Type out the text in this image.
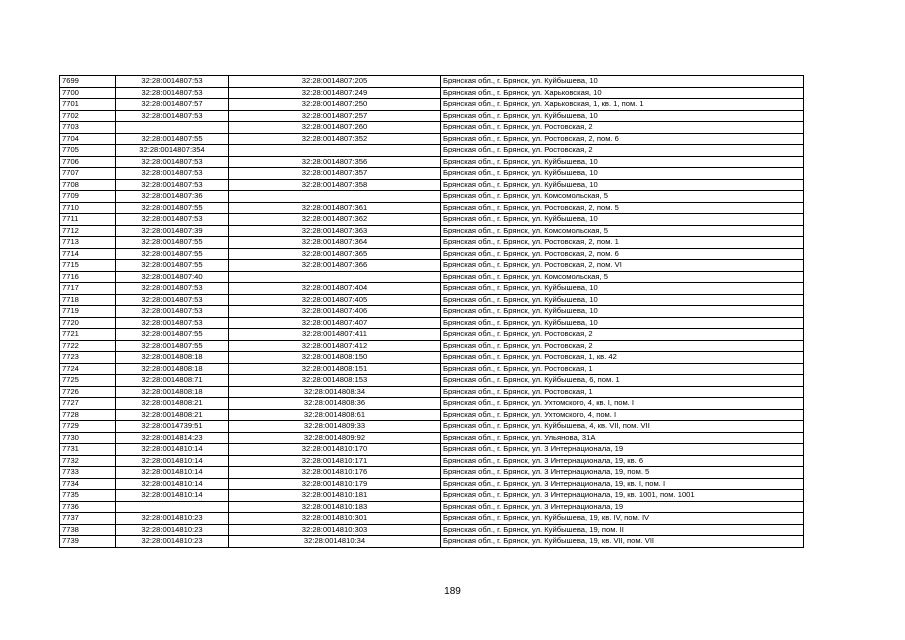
7699	32:28:0014807:53	32:28:0014807:205	Брянская обл., г. Брянск, ул. Куйбышева, 10
7700	32:28:0014807:53	32:28:0014807:249	Брянская обл., г. Брянск, ул. Харьковская, 10
7701	32:28:0014807:57	32:28:0014807:250	Брянская обл., г. Брянск, ул. Харьковская, 1, кв. 1, пом. 1
7702	32:28:0014807:53	32:28:0014807:257	Брянская обл., г. Брянск, ул. Куйбышева, 10
7703		32:28:0014807:260	Брянская обл., г. Брянск, ул. Ростовская, 2
7704	32:28:0014807:55	32:28:0014807:352	Брянская обл., г. Брянск, ул. Ростовская, 2, пом. 6
7705	32:28:0014807:354		Брянская обл., г. Брянск, ул. Ростовская, 2
7706	32:28:0014807:53	32:28:0014807:356	Брянская обл., г. Брянск, ул. Куйбышева, 10
7707	32:28:0014807:53	32:28:0014807:357	Брянская обл., г. Брянск, ул. Куйбышева, 10
7708	32:28:0014807:53	32:28:0014807:358	Брянская обл., г. Брянск, ул. Куйбышева, 10
7709	32:28:0014807:36		Брянская обл., г. Брянск, ул. Комсомольская, 5
7710	32:28:0014807:55	32:28:0014807:361	Брянская обл., г. Брянск, ул. Ростовская, 2, пом. 5
7711	32:28:0014807:53	32:28:0014807:362	Брянская обл., г. Брянск, ул. Куйбышева, 10
7712	32:28:0014807:39	32:28:0014807:363	Брянская обл., г. Брянск, ул. Комсомольская, 5
7713	32:28:0014807:55	32:28:0014807:364	Брянская обл., г. Брянск, ул. Ростовская, 2, пом. 1
7714	32:28:0014807:55	32:28:0014807:365	Брянская обл., г. Брянск, ул. Ростовская, 2, пом. 6
7715	32:28:0014807:55	32:28:0014807:366	Брянская обл., г. Брянск, ул. Ростовская, 2, пом. VI
7716	32:28:0014807:40		Брянская обл., г. Брянск, ул. Комсомольская, 5
7717	32:28:0014807:53	32:28:0014807:404	Брянская обл., г. Брянск, ул. Куйбышева, 10
7718	32:28:0014807:53	32:28:0014807:405	Брянская обл., г. Брянск, ул. Куйбышева, 10
7719	32:28:0014807:53	32:28:0014807:406	Брянская обл., г. Брянск, ул. Куйбышева, 10
7720	32:28:0014807:53	32:28:0014807:407	Брянская обл., г. Брянск, ул. Куйбышева, 10
7721	32:28:0014807:55	32:28:0014807:411	Брянская обл., г. Брянск, ул. Ростовская, 2
7722	32:28:0014807:55	32:28:0014807:412	Брянская обл., г. Брянск, ул. Ростовская, 2
7723	32:28:0014808:18	32:28:0014808:150	Брянская обл., г. Брянск, ул. Ростовская, 1, кв. 42
7724	32:28:0014808:18	32:28:0014808:151	Брянская обл., г. Брянск, ул. Ростовская, 1
7725	32:28:0014808:71	32:28:0014808:153	Брянская обл., г. Брянск, ул. Куйбышева, 6, пом. 1
7726	32:28:0014808:18	32:28:0014808:34	Брянская обл., г. Брянск, ул. Ростовская, 1
7727	32:28:0014808:21	32:28:0014808:36	Брянская обл., г. Брянск, ул. Ухтомского, 4, кв. I, пом. I
7728	32:28:0014808:21	32:28:0014808:61	Брянская обл., г. Брянск, ул. Ухтомского, 4, пом. I
7729	32:28:0014739:51	32:28:0014809:33	Брянская обл., г. Брянск, ул. Куйбышева, 4, кв. VII, пом. VII
7730	32:28:0014814:23	32:28:0014809:92	Брянская обл., г. Брянск, ул. Ульянова, 31А
7731	32:28:0014810:14	32:28:0014810:170	Брянская обл., г. Брянск, ул. 3 Интернационала, 19
7732	32:28:0014810:14	32:28:0014810:171	Брянская обл., г. Брянск, ул. 3 Интернационала, 19, кв. 6
7733	32:28:0014810:14	32:28:0014810:176	Брянская обл., г. Брянск, ул. 3 Интернационала, 19, пом. 5
7734	32:28:0014810:14	32:28:0014810:179	Брянская обл., г. Брянск, ул. 3 Интернационала, 19, кв. I, пом. I
7735	32:28:0014810:14	32:28:0014810:181	Брянская обл., г. Брянск, ул. 3 Интернационала, 19, кв. 1001, пом. 1001
7736		32:28:0014810:183	Брянская обл., г. Брянск, ул. 3 Интернационала, 19
7737	32:28:0014810:23	32:28:0014810:301	Брянская обл., г. Брянск, ул. Куйбышева, 19, кв. IV, пом. IV
7738	32:28:0014810:23	32:28:0014810:303	Брянская обл., г. Брянск, ул. Куйбышева, 19, пом. II
7739	32:28:0014810:23	32:28:0014810:34	Брянская обл., г. Брянск, ул. Куйбышева, 19, кв. VII, пом. VII
189
